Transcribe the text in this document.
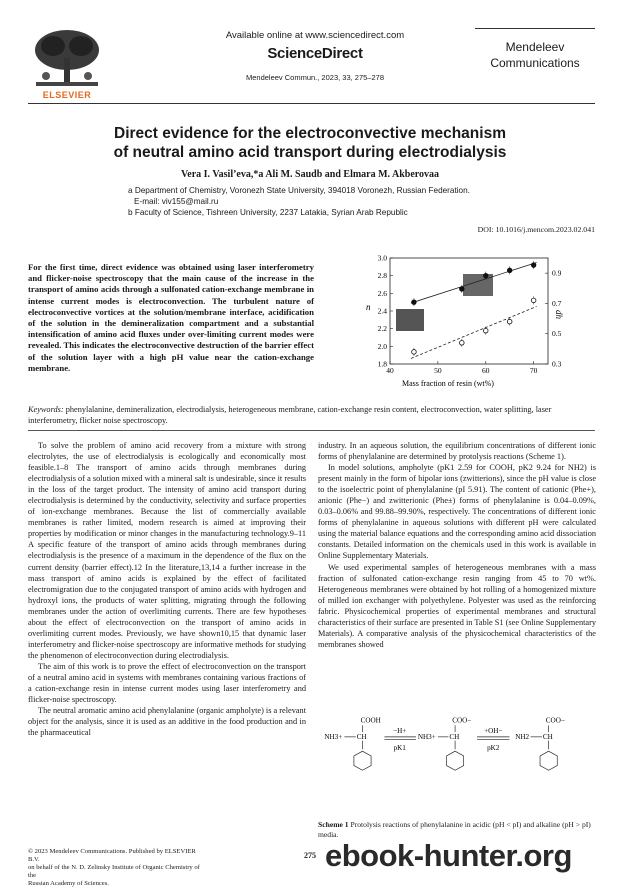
ELSEVIER
Available online at www.sciencedirect.com
ScienceDirect
Mendeleev Commun., 2023, 33, 275–278
Mendeleev
Communications
Direct evidence for the electroconvective mechanism
of neutral amino acid transport during electrodialysis
Vera I. Vasil’eva,*a Ali M. Saudb and Elmara M. Akberovaa
a Department of Chemistry, Voronezh State University, 394018 Voronezh, Russian Federation.
E-mail: viv155@mail.ru
b Faculty of Science, Tishreen University, 2237 Latakia, Syrian Arab Republic
DOI: 10.1016/j.mencom.2023.02.041
For the first time, direct evidence was obtained using laser interferometry and flicker-noise spectroscopy that the main cause of the increase in the transport of amino acids through a sulfonated cation-exchange membrane in intense current modes is electroconvection. The turbulent nature of electroconvective vortices at the solution/membrane interface, acidification of the solution in the demineralization compartment and a substantial intensification of amino acid fluxes under over-limiting current modes were revealed. This indicates the electroconvective destruction of the barrier effect of the solution layer with a high pH value near the cation-exchange membrane.	40	50	60	70
1.8
2.0
2.2
2.4
2.6
2.8
3.0
0.3
0.5
0.7
0.9
Mass fraction of resin (wt%)
n
dh
Keywords: phenylalanine, demineralization, electrodialysis, heterogeneous membrane, cation-exchange resin content, electroconvection, water splitting, laser interferometry, flicker noise spectroscopy.

To solve the problem of amino acid recovery from a mixture with strong electrolytes, the use of electrodialysis is ecologically and economically most feasible.1–8 The transport of amino acids through membranes during electrodialysis of a solution mixed with a mineral salt is undesirable, since it results in the loss of the target product. The intensity of amino acid transport during electrodialysis is determined by the conductivity, selectivity and surface properties of ion-exchange membranes. Because the list of commercially available membranes is rather limited, modern research is aimed at improving their properties by modification or minor changes in the manufacturing technology.9–11 A specific feature of the transport of amino acids through membranes during electrodialysis is the presence of a maximum in the dependence of the flux on the current density (barrier effect).12 In the literature,13,14 a further increase in the mass transport of amino acids is explained by the effect of facilitated electromigration due to the conjugated transport of amino acids with hydrogen and hydroxyl ions, the products of water splitting, migrating through the following membranes under the action of overlimiting currents. There are few hypotheses about the effect of electroconvection on the transport of amino acids in overlimiting current modes. Previously, we have shown10,15 that dynamic laser interferometry and flicker-noise spectroscopy are informative methods for studying the phenomenon of electroconvection during electrodialysis.

The aim of this work is to prove the effect of electroconvection on the transport of a neutral amino acid in systems with membranes containing various fractions of a cation-exchange resin in intense current modes using laser interferometry and flicker-noise spectroscopy.

The neutral aromatic amino acid phenylalanine (organic ampholyte) is a relevant object for the analysis, since it is used as an additive in the food production and in the pharmaceutical

industry. In an aqueous solution, the equilibrium concentrations of different ionic forms of phenylalanine are determined by protolysis reactions (Scheme 1).

In model solutions, ampholyte (pK1 2.59 for COOH, pK2 9.24 for NH2) is present mainly in the form of bipolar ions (zwitterions), since the pH value is close to the isoelectric point of phenylalanine (pI 5.91). The content of cationic (Phe+), anionic (Phe−) and zwitterionic (Phe±) forms of phenylalanine is 0.04–0.09%, 0.03–0.06% and 99.88–99.90%, respectively. The concentrations of different ionic forms of phenylalanine in aqueous solutions with different pH were calculated using the material balance equations and the corresponding amino acid dissociation constants. Detailed information on the chemicals used in this work is available in Online Supplementary Materials.

We used experimental samples of heterogeneous membranes with a mass fraction of sulfonated cation-exchange resin ranging from 45 to 70 wt%. Heterogeneous membranes were obtained by hot rolling of a homogenized mixture of milled ion exchanger with polyethylene. Polyester was used as the reinforcing fabric. Physicochemical properties of experimental membranes and structural characteristics of their surface are presented in Table S1 (see Online Supplementary Materials). A comparative analysis of the physicochemical characteristics of the membranes showed

COOH
NH3+ CH
−H+
pK1
COO−
NH3+ CH
+OH−
pK2
COO−
NH2 CH
Scheme 1 Protolysis reactions of phenylalanine in acidic (pH < pI) and alkaline (pH > pI) media.
© 2023 Mendeleev Communications. Published by ELSEVIER B.V.
on behalf of the N. D. Zelinsky Institute of Organic Chemistry of the
Russian Academy of Sciences.
275 ebook-hunter.org
